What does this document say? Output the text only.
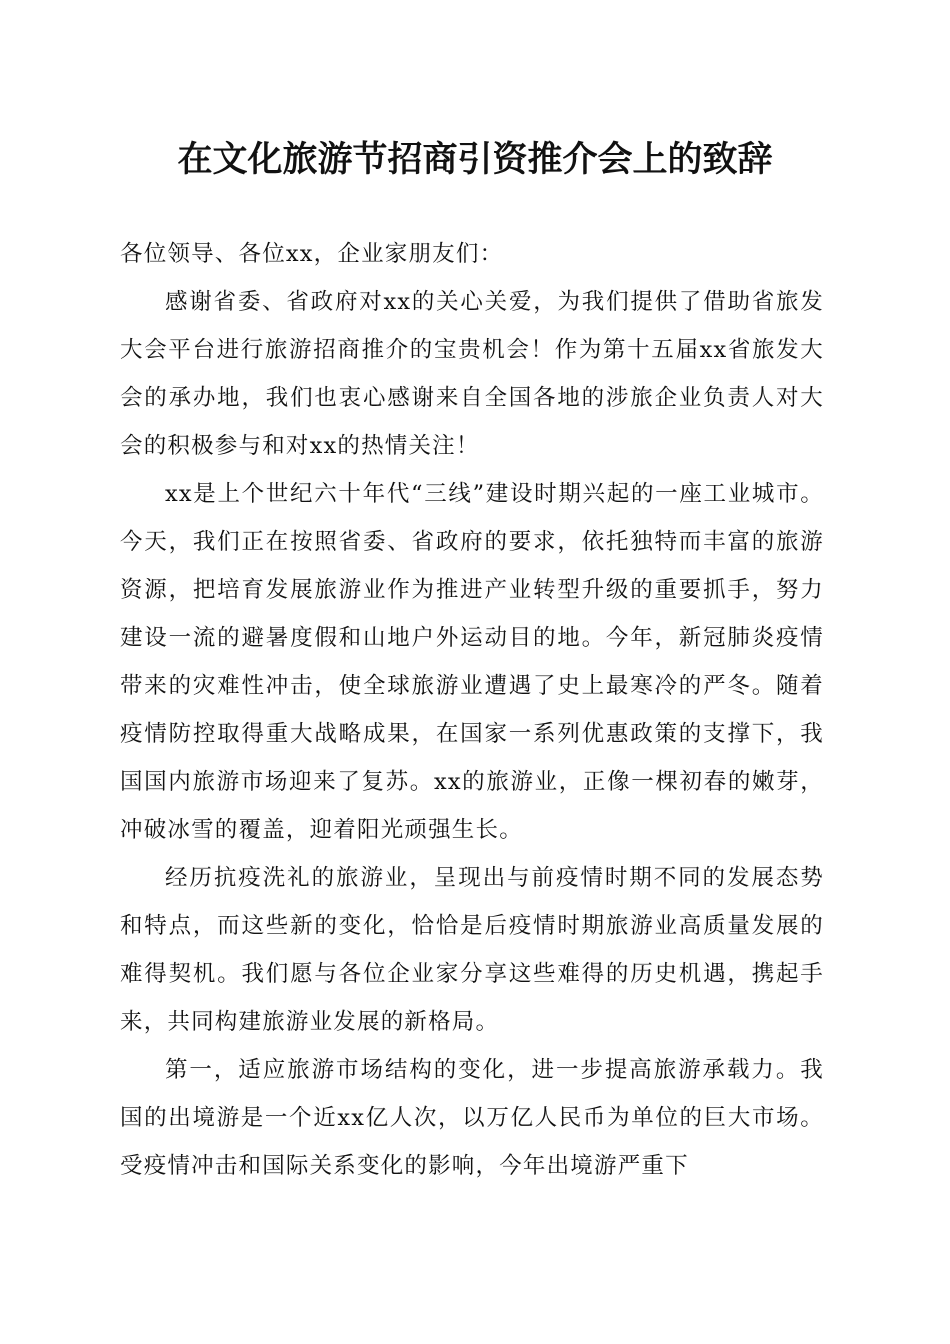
在文化旅游节招商引资推介会上的致辞

各位领导、各位xx，企业家朋友们：

感谢省委、省政府对xx的关心关爱，为我们提供了借助省旅发大会平台进行旅游招商推介的宝贵机会！作为第十五届xx省旅发大会的承办地，我们也衷心感谢来自全国各地的涉旅企业负责人对大会的积极参与和对xx的热情关注！

xx是上个世纪六十年代“三线”建设时期兴起的一座工业城市。今天，我们正在按照省委、省政府的要求，依托独特而丰富的旅游资源，把培育发展旅游业作为推进产业转型升级的重要抓手，努力建设一流的避暑度假和山地户外运动目的地。今年，新冠肺炎疫情带来的灾难性冲击，使全球旅游业遭遇了史上最寒冷的严冬。随着疫情防控取得重大战略成果，在国家一系列优惠政策的支撑下，我国国内旅游市场迎来了复苏。xx的旅游业，正像一棵初春的嫩芽，冲破冰雪的覆盖，迎着阳光顽强生长。

经历抗疫洗礼的旅游业，呈现出与前疫情时期不同的发展态势和特点，而这些新的变化，恰恰是后疫情时期旅游业高质量发展的难得契机。我们愿与各位企业家分享这些难得的历史机遇，携起手来，共同构建旅游业发展的新格局。

第一，适应旅游市场结构的变化，进一步提高旅游承载力。我国的出境游是一个近xx亿人次，以万亿人民币为单位的巨大市场。受疫情冲击和国际关系变化的影响，今年出境游严重下
